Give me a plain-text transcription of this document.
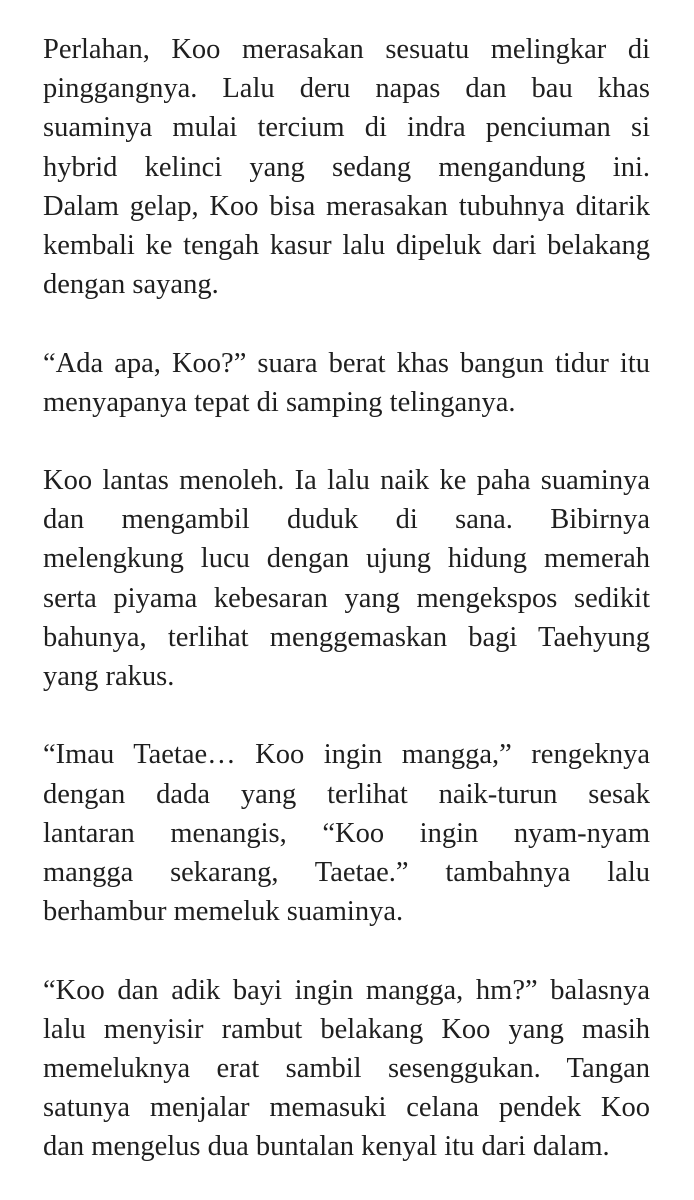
Perlahan, Koo merasakan sesuatu melingkar di
pinggangnya. Lalu deru napas dan bau khas
suaminya mulai tercium di indra penciuman si
hybrid kelinci yang sedang mengandung ini.
Dalam gelap, Koo bisa merasakan tubuhnya ditarik
kembali ke tengah kasur lalu dipeluk dari belakang
dengan sayang.
“Ada apa, Koo?” suara berat khas bangun tidur itu
menyapanya tepat di samping telinganya.
Koo lantas menoleh. Ia lalu naik ke paha suaminya
dan mengambil duduk di sana. Bibirnya
melengkung lucu dengan ujung hidung memerah
serta piyama kebesaran yang mengekspos sedikit
bahunya, terlihat menggemaskan bagi Taehyung
yang rakus.
“Imau Taetae… Koo ingin mangga,” rengeknya
dengan dada yang terlihat naik-turun sesak
lantaran menangis, “Koo ingin nyam-nyam
mangga sekarang, Taetae.” tambahnya lalu
berhambur memeluk suaminya.
“Koo dan adik bayi ingin mangga, hm?” balasnya
lalu menyisir rambut belakang Koo yang masih
memeluknya erat sambil sesenggukan. Tangan
satunya menjalar memasuki celana pendek Koo
dan mengelus dua buntalan kenyal itu dari dalam.
